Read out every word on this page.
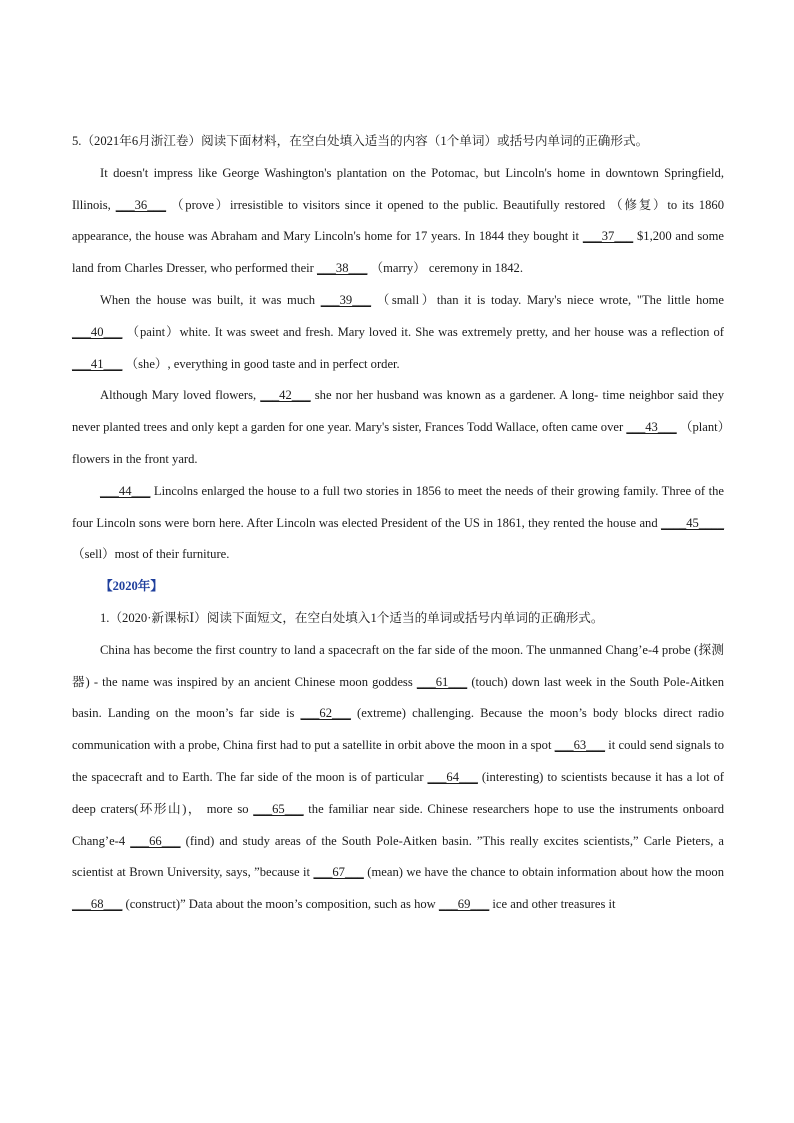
5.（2021年6月浙江卷）阅读下面材料，在空白处填入适当的内容（1个单词）或括号内单词的正确形式。

It doesn't impress like George Washington's plantation on the Potomac, but Lincoln's home in downtown Springfield, Illinois, ___36___ （prove）irresistible to visitors since it opened to the public. Beautifully restored （修复）to its 1860 appearance, the house was Abraham and Mary Lincoln's home for 17 years. In 1844 they bought it ___37___ $1,200 and some land from Charles Dresser, who performed their ___38___ （marry） ceremony in 1842.

When the house was built, it was much ___39___ （small）than it is today. Mary's niece wrote, "The little home ___40___ （paint）white. It was sweet and fresh. Mary loved it. She was extremely pretty, and her house was a reflection of ___41___ （she）, everything in good taste and in perfect order.

Although Mary loved flowers, ___42___ she nor her husband was known as a gardener. A long- time neighbor said they never planted trees and only kept a garden for one year. Mary's sister, Frances Todd Wallace, often came over ___43___ （plant）flowers in the front yard.

___44___ Lincolns enlarged the house to a full two stories in 1856 to meet the needs of their growing family. Three of the four Lincoln sons were born here. After Lincoln was elected President of the US in 1861, they rented the house and ____45____ （sell）most of their furniture.

【2020年】

1.（2020·新课标Ⅰ）阅读下面短文，在空白处填入1个适当的单词或括号内单词的正确形式。

China has become the first country to land a spacecraft on the far side of the moon. The unmanned Chang’e-4 probe (探测器) - the name was inspired by an ancient Chinese moon goddess ___61___ (touch) down last week in the South Pole-Aitken basin. Landing on the moon’s far side is ___62___ (extreme) challenging. Because the moon’s body blocks direct radio communication with a probe, China first had to put a satellite in orbit above the moon in a spot ___63___ it could send signals to the spacecraft and to Earth. The far side of the moon is of particular ___64___ (interesting) to scientists because it has a lot of deep craters(环形山)， more so ___65___ the familiar near side. Chinese researchers hope to use the instruments onboard Chang’e-4 ___66___ (find) and study areas of the South Pole-Aitken basin. ”This really excites scientists,” Carle Pieters, a scientist at Brown University, says, ”because it ___67___ (mean) we have the chance to obtain information about how the moon ___68___ (construct)” Data about the moon’s composition, such as how ___69___ ice and other treasures it
